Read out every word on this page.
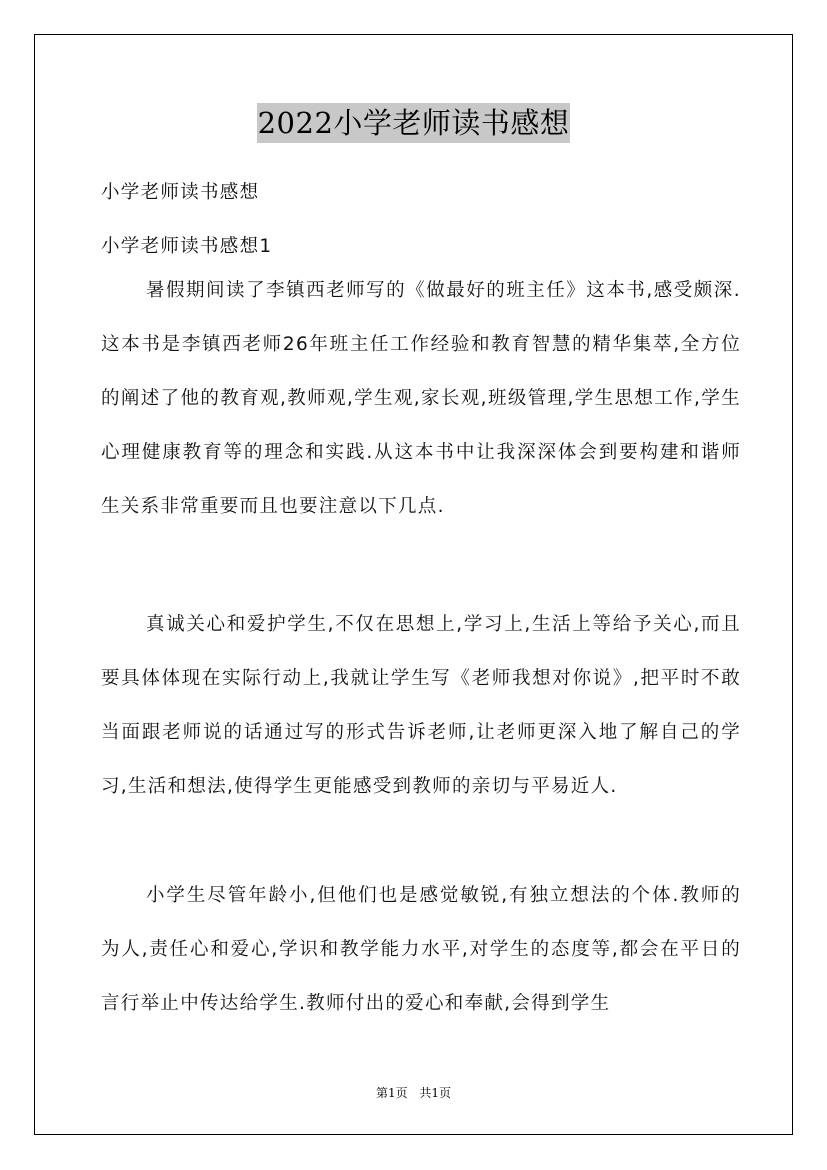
2022小学老师读书感想

小学老师读书感想

小学老师读书感想1

暑假期间读了李镇西老师写的《做最好的班主任》这本书,感受颇深.这本书是李镇西老师26年班主任工作经验和教育智慧的精华集萃,全方位的阐述了他的教育观,教师观,学生观,家长观,班级管理,学生思想工作,学生心理健康教育等的理念和实践.从这本书中让我深深体会到要构建和谐师生关系非常重要而且也要注意以下几点.

真诚关心和爱护学生,不仅在思想上,学习上,生活上等给予关心,而且要具体体现在实际行动上,我就让学生写《老师我想对你说》,把平时不敢当面跟老师说的话通过写的形式告诉老师,让老师更深入地了解自己的学习,生活和想法,使得学生更能感受到教师的亲切与平易近人.

小学生尽管年龄小,但他们也是感觉敏锐,有独立想法的个体.教师的为人,责任心和爱心,学识和教学能力水平,对学生的态度等,都会在平日的言行举止中传达给学生.教师付出的爱心和奉献,会得到学生

第1页 共1页
